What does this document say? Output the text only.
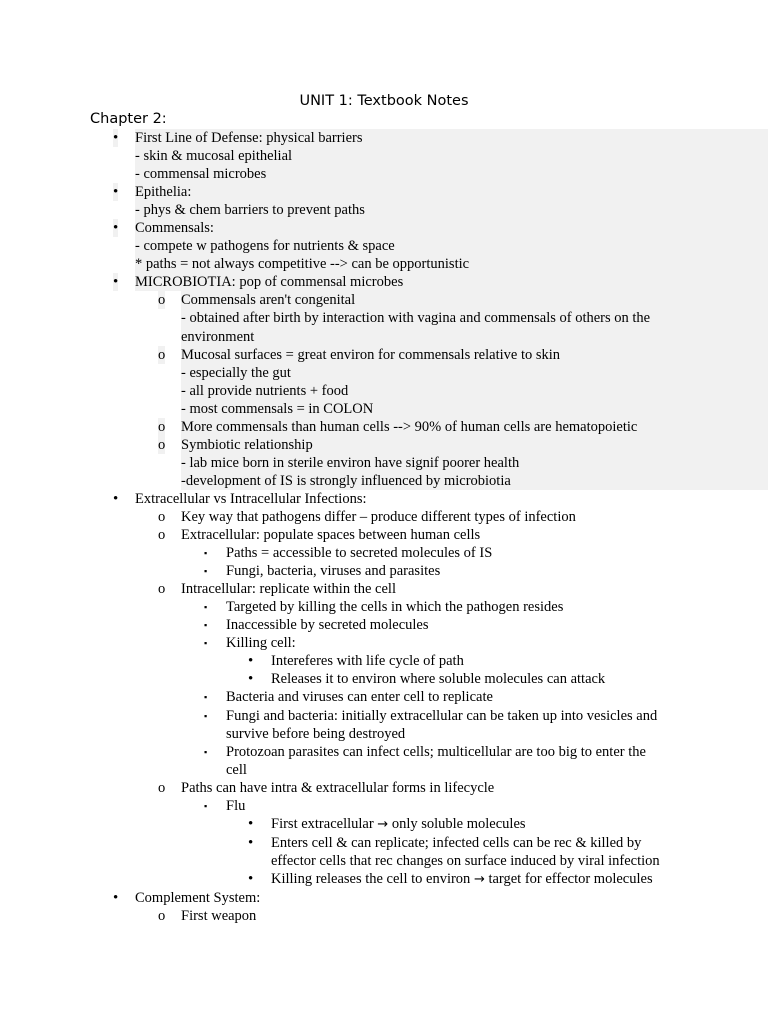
UNIT 1: Textbook Notes
Chapter 2:
• First Line of Defense: physical barriers
- skin & mucosal epithelial
- commensal microbes
• Epithelia:
- phys & chem barriers to prevent paths
• Commensals:
- compete w pathogens for nutrients & space
* paths = not always competitive --> can be opportunistic
• MICROBIOTIA: pop of commensal microbes
o Commensals aren't congenital
- obtained after birth by interaction with vagina and commensals of others on the
environment
o Mucosal surfaces = great environ for commensals relative to skin
- especially the gut
- all provide nutrients + food
- most commensals = in COLON
o More commensals than human cells --> 90% of human cells are hematopoietic
o Symbiotic relationship
- lab mice born in sterile environ have signif poorer health
-development of IS is strongly influenced by microbiotia
• Extracellular vs Intracellular Infections:
o Key way that pathogens differ – produce different types of infection
o Extracellular: populate spaces between human cells
▪ Paths = accessible to secreted molecules of IS
▪ Fungi, bacteria, viruses and parasites
o Intracellular: replicate within the cell
▪ Targeted by killing the cells in which the pathogen resides
▪ Inaccessible by secreted molecules
▪ Killing cell:
• Intereferes with life cycle of path
• Releases it to environ where soluble molecules can attack
▪ Bacteria and viruses can enter cell to replicate
▪ Fungi and bacteria: initially extracellular can be taken up into vesicles and
survive before being destroyed
▪ Protozoan parasites can infect cells; multicellular are too big to enter the
cell
o Paths can have intra & extracellular forms in lifecycle
▪ Flu
• First extracellular → only soluble molecules
• Enters cell & can replicate; infected cells can be rec & killed by
effector cells that rec changes on surface induced by viral infection
• Killing releases the cell to environ → target for effector molecules
• Complement System:
o First weapon
